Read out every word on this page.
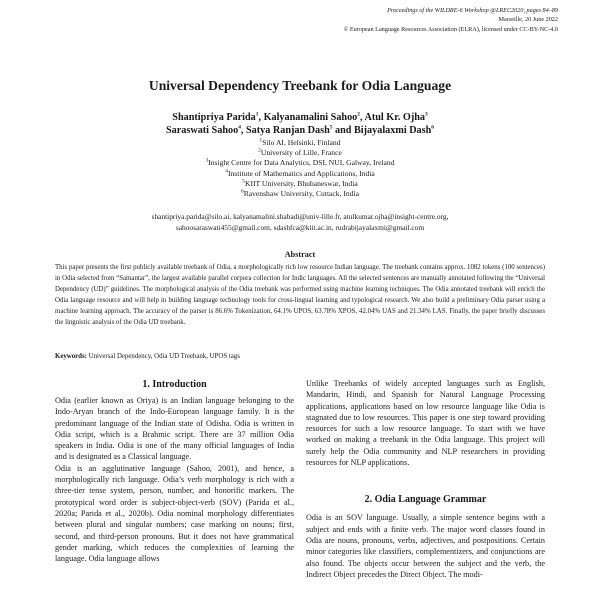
Proceedings of the WILDRE-6 Workshop @LREC2020, pages 84–89
Marseille, 20 June 2022
© European Language Resources Association (ELRA), licensed under CC-BY-NC-4.0
Universal Dependency Treebank for Odia Language
Shantipriya Parida$^1$, Kalyanamalini Sahoo$^2$, Atul Kr. Ojha$^3$
Saraswati Sahoo$^4$, Satya Ranjan Dash$^5$ and Bijayalaxmi Dash$^6$
$^1$Silo AI, Helsinki, Finland
$^2$University of Lille, France
$^3$Insight Centre for Data Analytics, DSI, NUI, Galway, Ireland
$^4$Institute of Mathematics and Applications, India
$^5$KIIT University, Bhubaneswar, India
$^6$Ravenshaw University, Cuttack, India
shantipriya.parida@silo.ai, kalyanamalini.shabadi@univ-lille.fr, atulkumar.ojha@insight-centre.org,
sahoosaraswati455@gmail.com, sdashfca@kiit.ac.in, rudrabijayalaxmi@gmail.com
Abstract
This paper presents the first publicly available treebank of Odia, a morphologically rich low resource Indian language. The treebank contains approx. 1082 tokens (100 sentences) in Odia selected from “Samantar”, the largest available parallel corpora collection for Indic languages. All the selected sentences are manually annotated following the “Universal Dependency (UD)” guidelines. The morphological analysis of the Odia treebank was performed using machine learning techniques. The Odia annotated treebank will enrich the Odia language resource and will help in building language technology tools for cross-lingual learning and typological research. We also build a preliminary Odia parser using a machine learning approach. The accuracy of the parser is 86.6% Tokenization, 64.1% UPOS, 63.78% XPOS, 42.04% UAS and 21.34% LAS. Finally, the paper briefly discusses the linguistic analysis of the Odia UD treebank.
Keywords: Universal Dependency, Odia UD Treebank, UPOS tags
1. Introduction

Odia (earlier known as Oriya) is an Indian language belonging to the Indo-Aryan branch of the Indo-European language family. It is the predominant language of the Indian state of Odisha. Odia is written in Odia script, which is a Brahmic script. There are 37 million Odia speakers in India. Odia is one of the many official languages of India and is designated as a Classical language.

Odia is an agglutinative language (Sahoo, 2001), and hence, a morphologically rich language. Odia’s verb morphology is rich with a three-tier tense system, person, number, and honorific markers. The prototypical word order is subject-object-verb (SOV) (Parida et al., 2020a; Parida et al., 2020b). Odia nominal morphology differentiates between plural and singular numbers; case marking on nouns; first, second, and third-person pronouns. But it does not have grammatical gender marking, which reduces the complexities of learning the language. Odia language allows

Unlike Treebanks of widely accepted languages such as English, Mandarin, Hindi, and Spanish for Natural Language Processing applications, applications based on low resource language like Odia is stagnated due to low resources. This paper is one step toward providing resources for such a low resource language. To start with we have worked on making a treebank in the Odia language. This project will surely help the Odia community and NLP researchers in providing resources for NLP applications.

2. Odia Language Grammar

Odia is an SOV language. Usually, a simple sentence begins with a subject and ends with a finite verb. The major word classes found in Odia are nouns, pronouns, verbs, adjectives, and postpositions. Certain minor categories like classifiers, complementizers, and conjunctions are also found. The objects occur between the subject and the verb, the Indirect Object precedes the Direct Object. The modi-
